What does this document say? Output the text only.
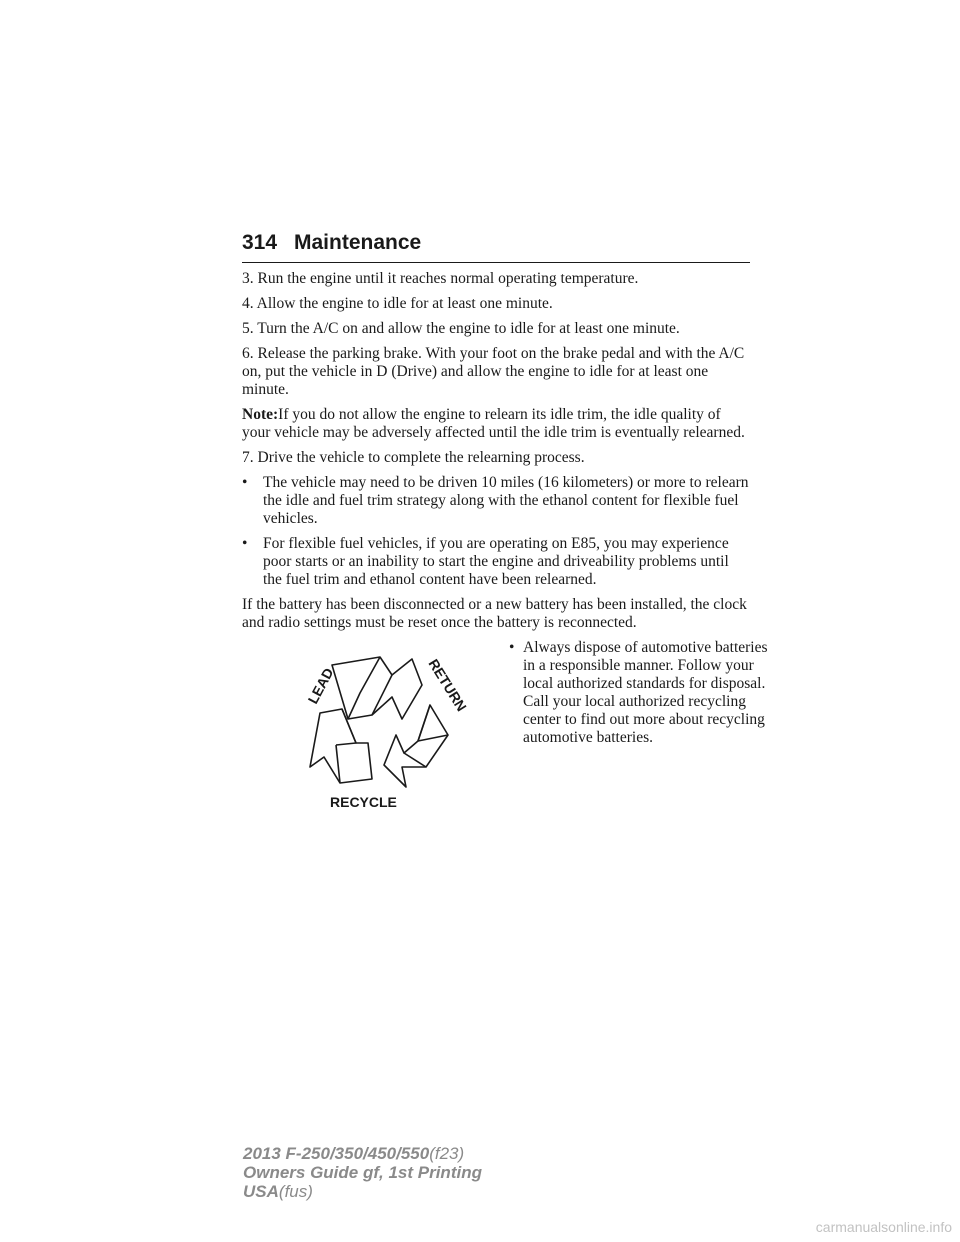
314 Maintenance

3. Run the engine until it reaches normal operating temperature.

4. Allow the engine to idle for at least one minute.

5. Turn the A/C on and allow the engine to idle for at least one minute.

6. Release the parking brake. With your foot on the brake pedal and with the A/C on, put the vehicle in D (Drive) and allow the engine to idle for at least one minute.

Note:If you do not allow the engine to relearn its idle trim, the idle quality of your vehicle may be adversely affected until the idle trim is eventually relearned.

7. Drive the vehicle to complete the relearning process.

• The vehicle may need to be driven 10 miles (16 kilometers) or more to relearn the idle and fuel trim strategy along with the ethanol content for flexible fuel vehicles.
• For flexible fuel vehicles, if you are operating on E85, you may experience poor starts or an inability to start the engine and driveability problems until the fuel trim and ethanol content have been relearned.

If the battery has been disconnected or a new battery has been installed, the clock and radio settings must be reset once the battery is reconnected.

LEAD	RETURN
RECYCLE
• Always dispose of automotive batteries in a responsible manner. Follow your local authorized standards for disposal. Call your local authorized recycling center to find out more about recycling automotive batteries.
2013 F-250/350/450/550(f23)
Owners Guide gf, 1st Printing
USA(fus)
carmanualsonline.info
